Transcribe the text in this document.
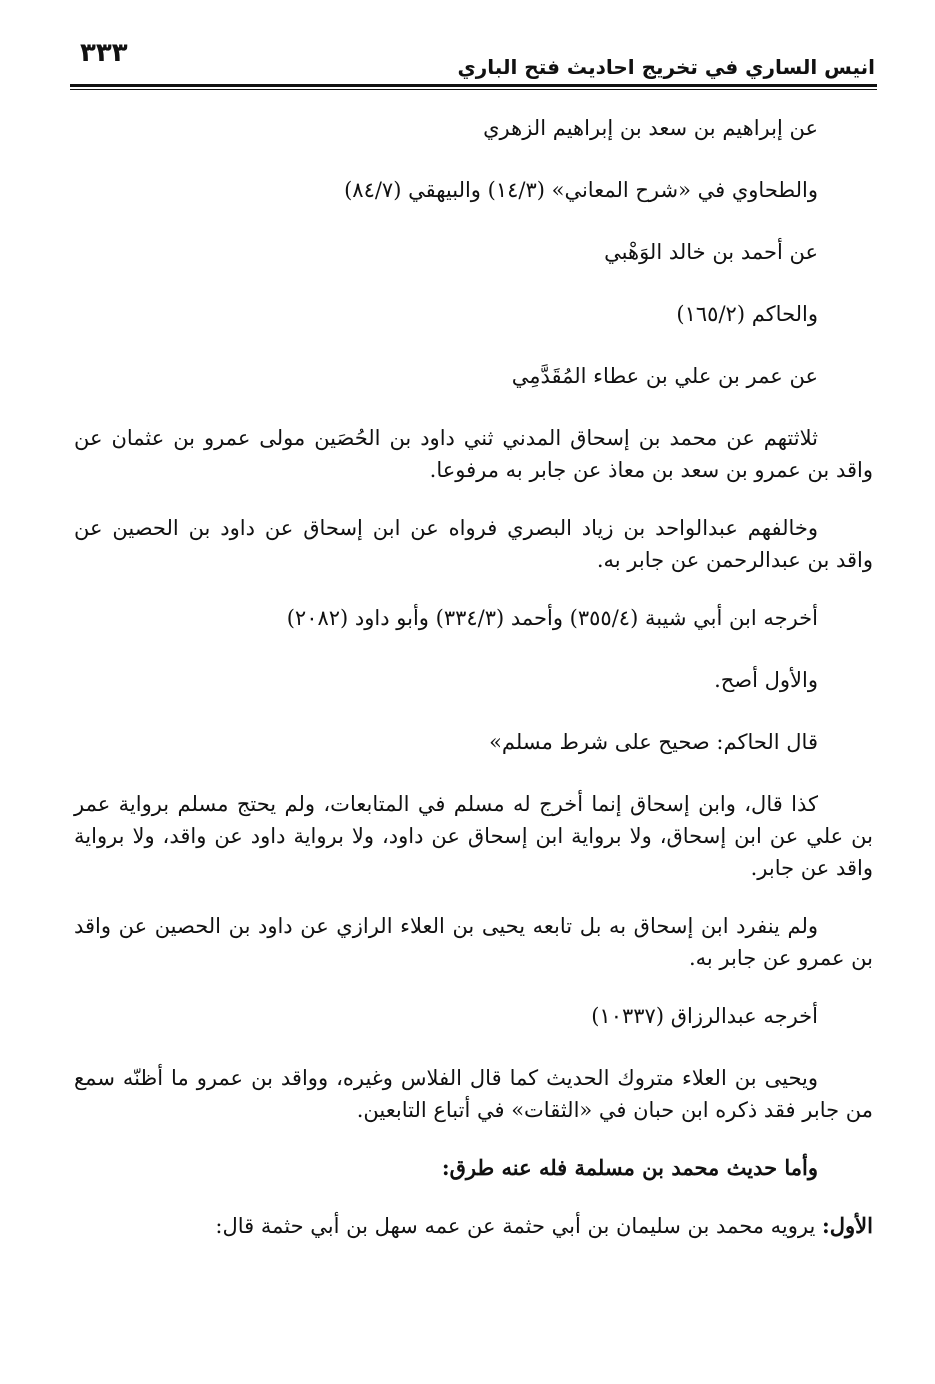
انيس الساري في تخريج احاديث فتح الباري
٣٣٣
عن إبراهيم بن سعد بن إبراهيم الزهري
والطحاوي في «شرح المعاني» (١٤/٣) والبيهقي (٨٤/٧)
عن أحمد بن خالد الوَهْبي
والحاكم (١٦٥/٢)
عن عمر بن علي بن عطاء المُقَدَّمِي
ثلاثتهم عن محمد بن إسحاق المدني ثني داود بن الحُصَين مولى عمرو بن عثمان عن واقد بن عمرو بن سعد بن معاذ عن جابر به مرفوعا.
وخالفهم عبدالواحد بن زياد البصري فرواه عن ابن إسحاق عن داود بن الحصين عن واقد بن عبدالرحمن عن جابر به.
أخرجه ابن أبي شيبة (٣٥٥/٤) وأحمد (٣٣٤/٣) وأبو داود (٢٠٨٢)
والأول أصح.
قال الحاكم: صحيح على شرط مسلم»
كذا قال، وابن إسحاق إنما أخرج له مسلم في المتابعات، ولم يحتج مسلم برواية عمر بن علي عن ابن إسحاق، ولا برواية ابن إسحاق عن داود، ولا برواية داود عن واقد، ولا برواية واقد عن جابر.
ولم ينفرد ابن إسحاق به بل تابعه يحيى بن العلاء الرازي عن داود بن الحصين عن واقد بن عمرو عن جابر به.
أخرجه عبدالرزاق (١٠٣٣٧)
ويحيى بن العلاء متروك الحديث كما قال الفلاس وغيره، وواقد بن عمرو ما أظنّه سمع من جابر فقد ذكره ابن حبان في «الثقات» في أتباع التابعين.
وأما حديث محمد بن مسلمة فله عنه طرق:
الأول: يرويه محمد بن سليمان بن أبي حثمة عن عمه سهل بن أبي حثمة قال:
